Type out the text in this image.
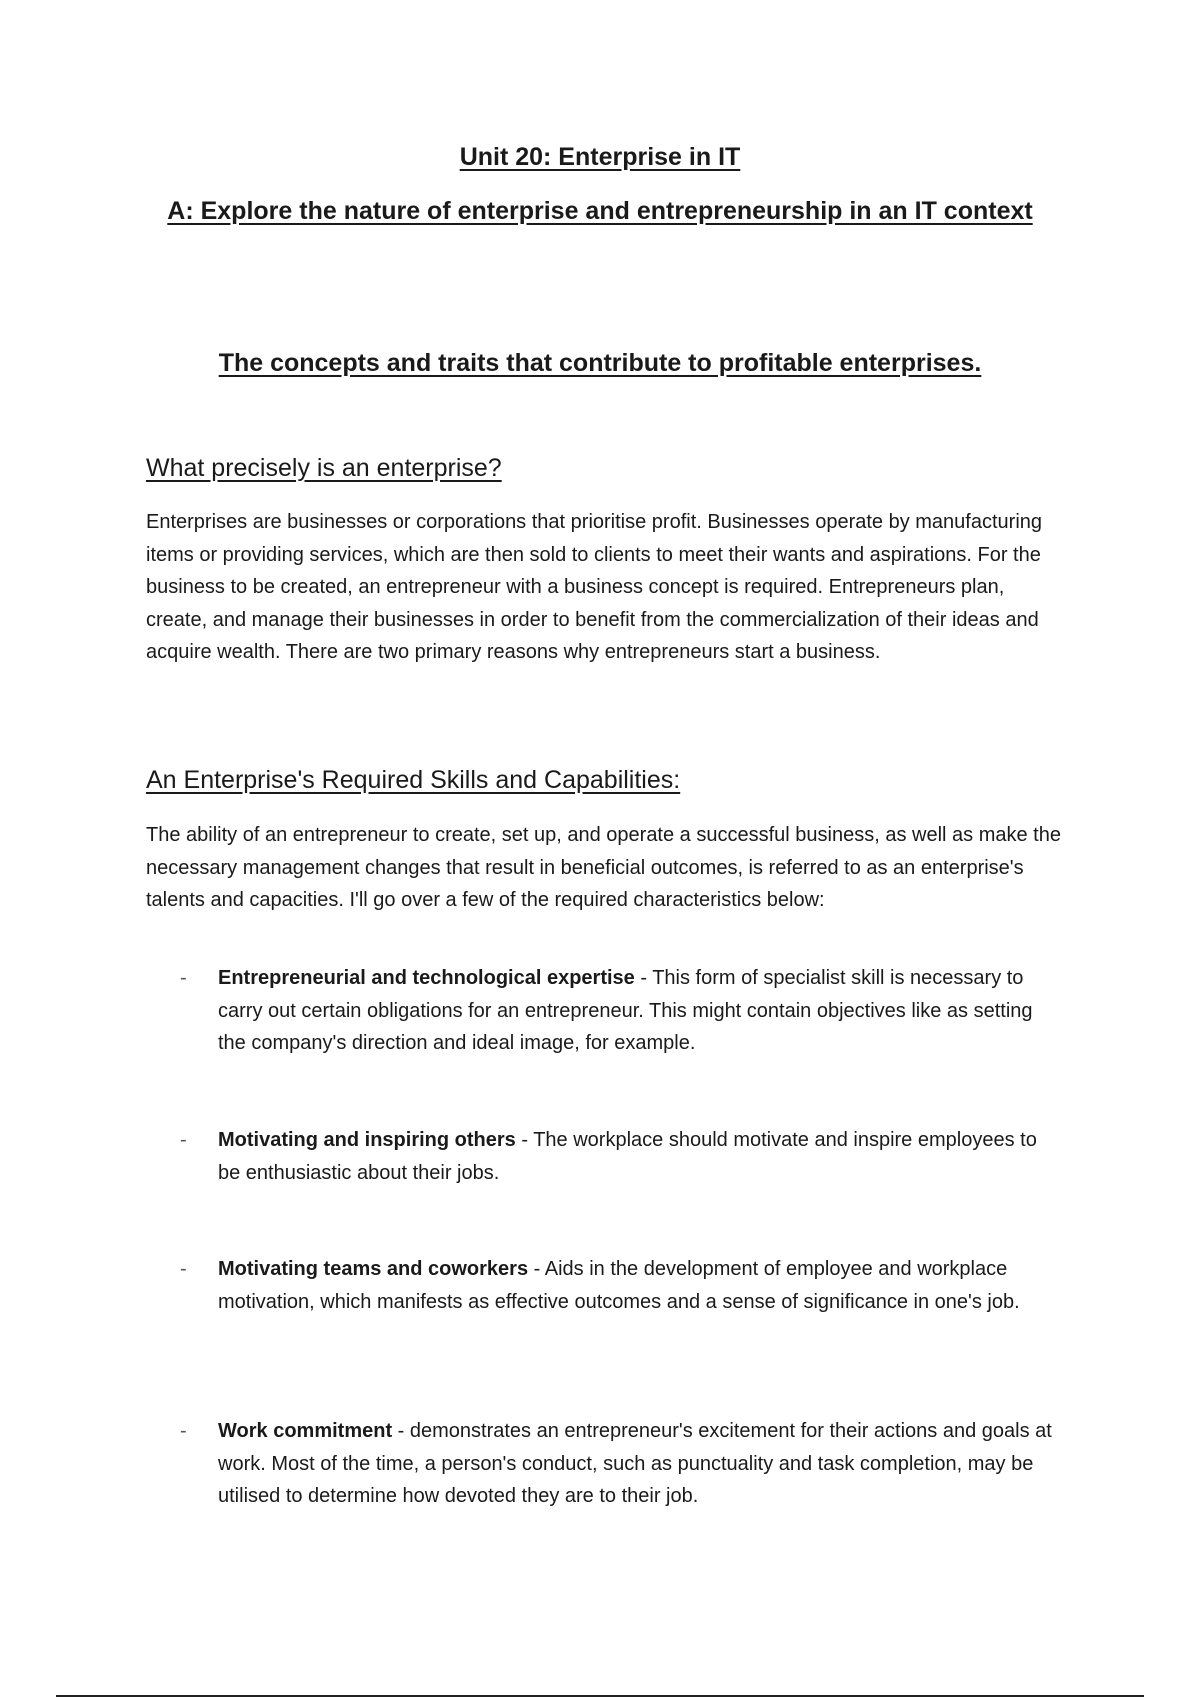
Unit 20: Enterprise in IT
A: Explore the nature of enterprise and entrepreneurship in an IT context
The concepts and traits that contribute to profitable enterprises.
What precisely is an enterprise?

Enterprises are businesses or corporations that prioritise profit. Businesses operate by manufacturing items or providing services, which are then sold to clients to meet their wants and aspirations. For the business to be created, an entrepreneur with a business concept is required. Entrepreneurs plan, create, and manage their businesses in order to benefit from the commercialization of their ideas and acquire wealth. There are two primary reasons why entrepreneurs start a business.

An Enterprise's Required Skills and Capabilities:

The ability of an entrepreneur to create, set up, and operate a successful business, as well as make the necessary management changes that result in beneficial outcomes, is referred to as an enterprise's talents and capacities. I'll go over a few of the required characteristics below:

- Entrepreneurial and technological expertise - This form of specialist skill is necessary to carry out certain obligations for an entrepreneur. This might contain objectives like as setting the company's direction and ideal image, for example.

- Motivating and inspiring others - The workplace should motivate and inspire employees to be enthusiastic about their jobs.

- Motivating teams and coworkers - Aids in the development of employee and workplace motivation, which manifests as effective outcomes and a sense of significance in one's job.

- Work commitment - demonstrates an entrepreneur's excitement for their actions and goals at work. Most of the time, a person's conduct, such as punctuality and task completion, may be utilised to determine how devoted they are to their job.
